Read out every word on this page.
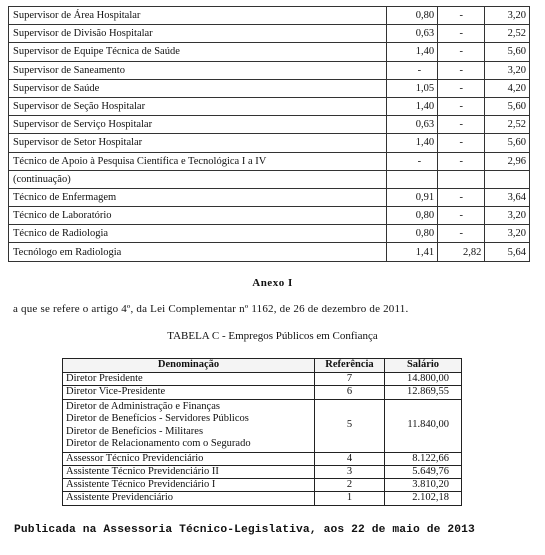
Supervisor de Área Hospitalar	0,80	-	3,20
Supervisor de Divisão Hospitalar	0,63	-	2,52
Supervisor de Equipe Técnica de Saúde	1,40	-	5,60
Supervisor de Saneamento	-	-	3,20
Supervisor de Saúde	1,05	-	4,20
Supervisor de Seção Hospitalar	1,40	-	5,60
Supervisor de Serviço Hospitalar	0,63	-	2,52
Supervisor de Setor Hospitalar	1,40	-	5,60
Técnico de Apoio à Pesquisa Científica e Tecnológica I a IV	-	-	2,96
(continuação)			
Técnico de Enfermagem	0,91	-	3,64
Técnico de Laboratório	0,80	-	3,20
Técnico de Radiologia	0,80	-	3,20
Tecnólogo em Radiologia	1,41	2,82	5,64
Anexo I
a que se refere o artigo 4º, da Lei Complementar nº 1162, de 26 de dezembro de 2011.
TABELA C - Empregos Públicos em Confiança
Denominação	Referência	Salário

Diretor Presidente	7	14.800,00

Diretor Vice-Presidente	6	12.869,55

Diretor de Administração e Finanças
Diretor de Benefícios - Servidores Públicos
Diretor de Benefícios - Militares
Diretor de Relacionamento com o Segurado	5	11.840,00

Assessor Técnico Previdenciário	4	8.122,66

Assistente Técnico Previdenciário II	3	5.649,76

Assistente Técnico Previdenciário I	2	3.810,20

Assistente Previdenciário	1	2.102,18
Publicada na Assessoria Técnico-Legislativa, aos 22 de maio de 2013
